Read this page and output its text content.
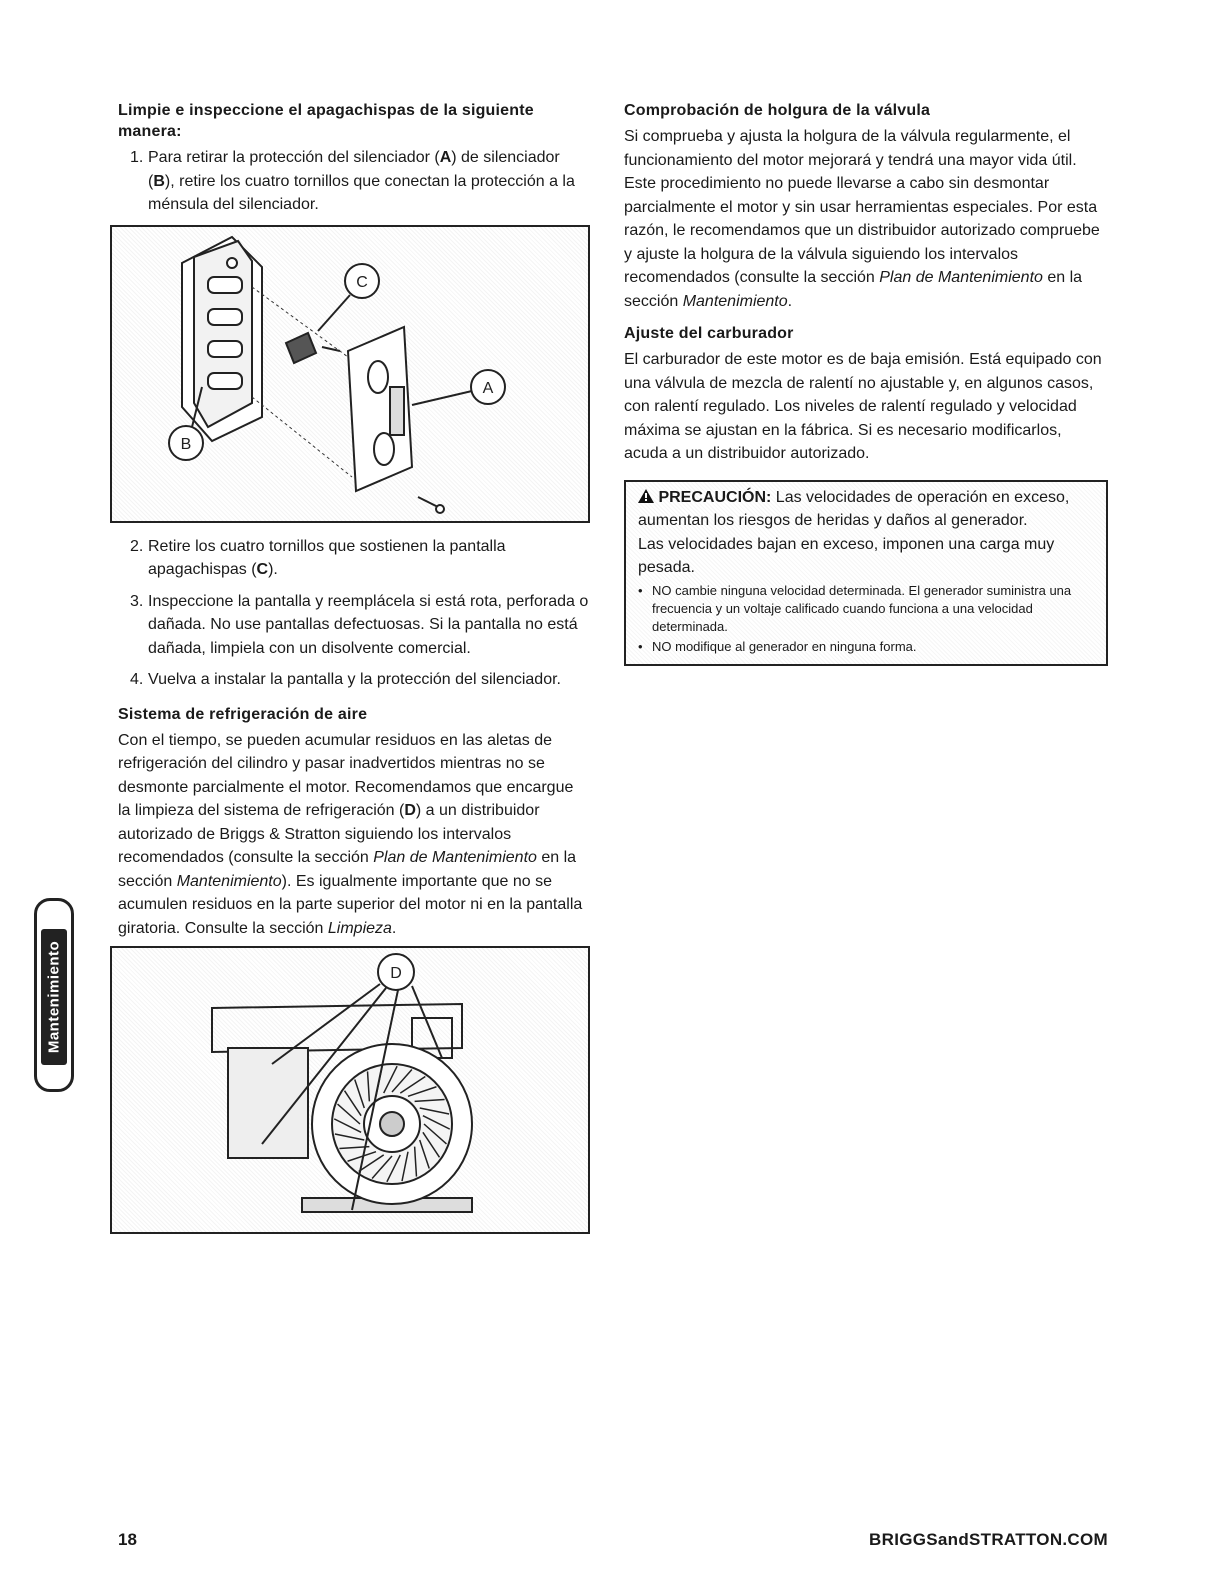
Limpie e inspeccione el apagachispas de la siguiente manera:
1. Para retirar la protección del silenciador (A) de silenciador (B), retire los cuatro tornillos que conectan la protección a la ménsula del silenciador.
C
A
B
2. Retire los cuatro tornillos que sostienen la pantalla apagachispas (C).
3. Inspeccione la pantalla y reemplácela si está rota, perforada o dañada. No use pantallas defectuosas. Si la pantalla no está dañada, limpiela con un disolvente comercial.
4. Vuelva a instalar la pantalla y la protección del silenciador.
Sistema de refrigeración de aire
Con el tiempo, se pueden acumular residuos en las aletas de refrigeración del cilindro y pasar inadvertidos mientras no se desmonte parcialmente el motor. Recomendamos que encargue la limpieza del sistema de refrigeración (D) a un distribuidor autorizado de Briggs & Stratton siguiendo los intervalos recomendados (consulte la sección Plan de Mantenimiento en la sección Mantenimiento). Es igualmente importante que no se acumulen residuos en la parte superior del motor ni en la pantalla giratoria. Consulte la sección Limpieza.
D
Comprobación de holgura de la válvula
Si comprueba y ajusta la holgura de la válvula regularmente, el funcionamiento del motor mejorará y tendrá una mayor vida útil. Este procedimiento no puede llevarse a cabo sin desmontar parcialmente el motor y sin usar herramientas especiales. Por esta razón, le recomendamos que un distribuidor autorizado compruebe y ajuste la holgura de la válvula siguiendo los intervalos recomendados (consulte la sección Plan de Mantenimiento en la sección Mantenimiento.
Ajuste del carburador
El carburador de este motor es de baja emisión. Está equipado con una válvula de mezcla de ralentí no ajustable y, en algunos casos, con ralentí regulado. Los niveles de ralentí regulado y velocidad máxima se ajustan en la fábrica. Si es necesario modificarlos, acuda a un distribuidor autorizado.
PRECAUCIÓN: Las velocidades de operación en exceso, aumentan los riesgos de heridas y daños al generador.
Las velocidades bajan en exceso, imponen una carga muy pesada.
• NO cambie ninguna velocidad determinada. El generador suministra una frecuencia y un voltaje calificado cuando funciona a una velocidad determinada.
• NO modifique al generador en ninguna forma.
Mantenimiento
18	BRIGGSandSTRATTON.COM
